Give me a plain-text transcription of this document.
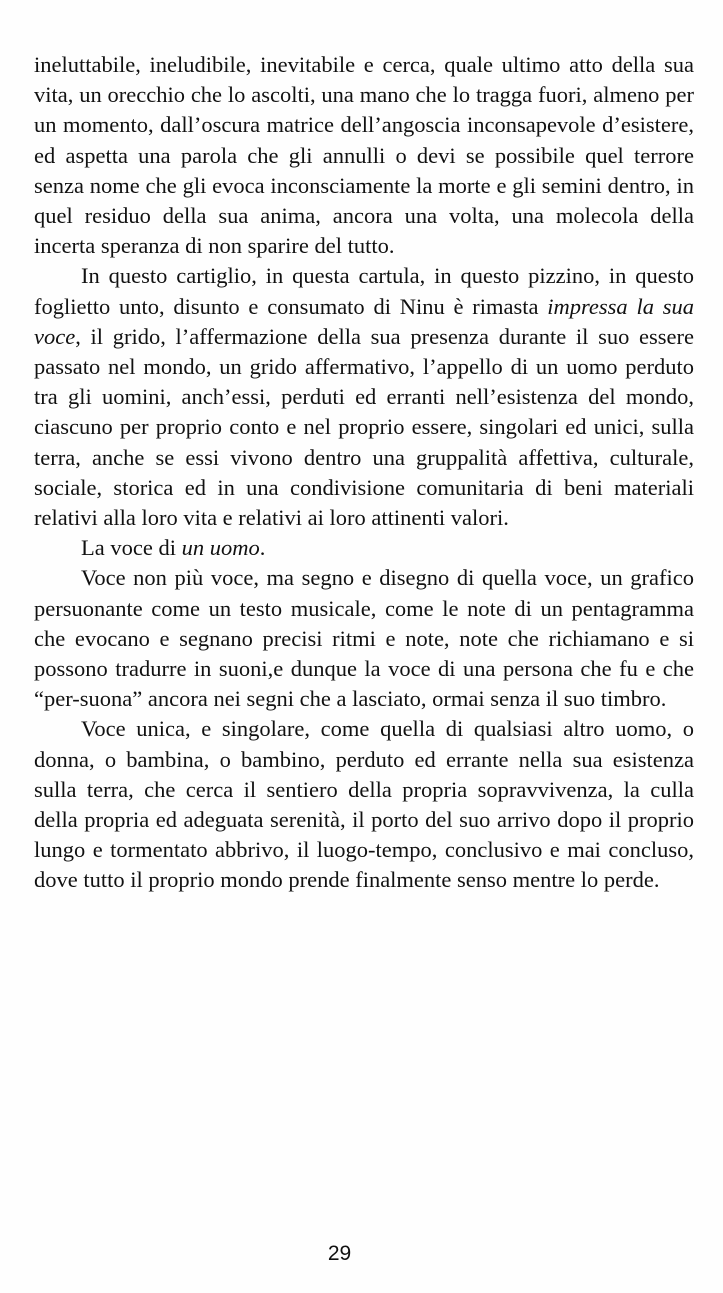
ineluttabile, ineludibile, inevitabile e cerca, quale ultimo atto della sua vita, un orecchio che lo ascolti, una mano che lo tragga fuori, almeno per un momento, dall’oscura matrice dell’angoscia inconsapevole d’esistere, ed aspetta una parola che gli annulli o devi se possibile quel terrore senza nome che gli evoca inconsciamente la morte e gli semini dentro, in quel residuo della sua anima, ancora una volta, una molecola della incerta speranza di non sparire del tutto.

In questo cartiglio, in questa cartula, in questo pizzino, in questo foglietto unto, disunto e consumato di Ninu è rimasta impressa la sua voce, il grido, l’affermazione della sua presenza durante il suo essere passato nel mondo, un grido affermativo, l’appello di un uomo perduto tra gli uomini, anch’essi, perduti ed erranti nell’esistenza del mondo, ciascuno per proprio conto e nel proprio essere, singolari ed unici, sulla terra, anche se essi vivono dentro una gruppalità affettiva, culturale, sociale, storica ed in una condivisione comunitaria di beni materiali relativi alla loro vita e relativi ai loro attinenti valori.

La voce di un uomo.

Voce non più voce, ma segno e disegno di quella voce, un grafico persuonante come un testo musicale, come le note di un pentagramma che evocano e segnano precisi ritmi e note, note che richiamano e si possono tradurre in suoni,e dunque la voce di una persona che fu e che “per-suona” ancora nei segni che a lasciato, ormai senza il suo timbro.

Voce unica, e singolare, come quella di qualsiasi altro uomo, o donna, o bambina, o bambino, perduto ed errante nella sua esistenza sulla terra, che cerca il sentiero della propria sopravvivenza, la culla della propria ed adeguata serenità, il porto del suo arrivo dopo il proprio lungo e tormentato abbrivo, il luogo-tempo, conclusivo e mai concluso, dove tutto il proprio mondo prende finalmente senso mentre lo perde.

29
